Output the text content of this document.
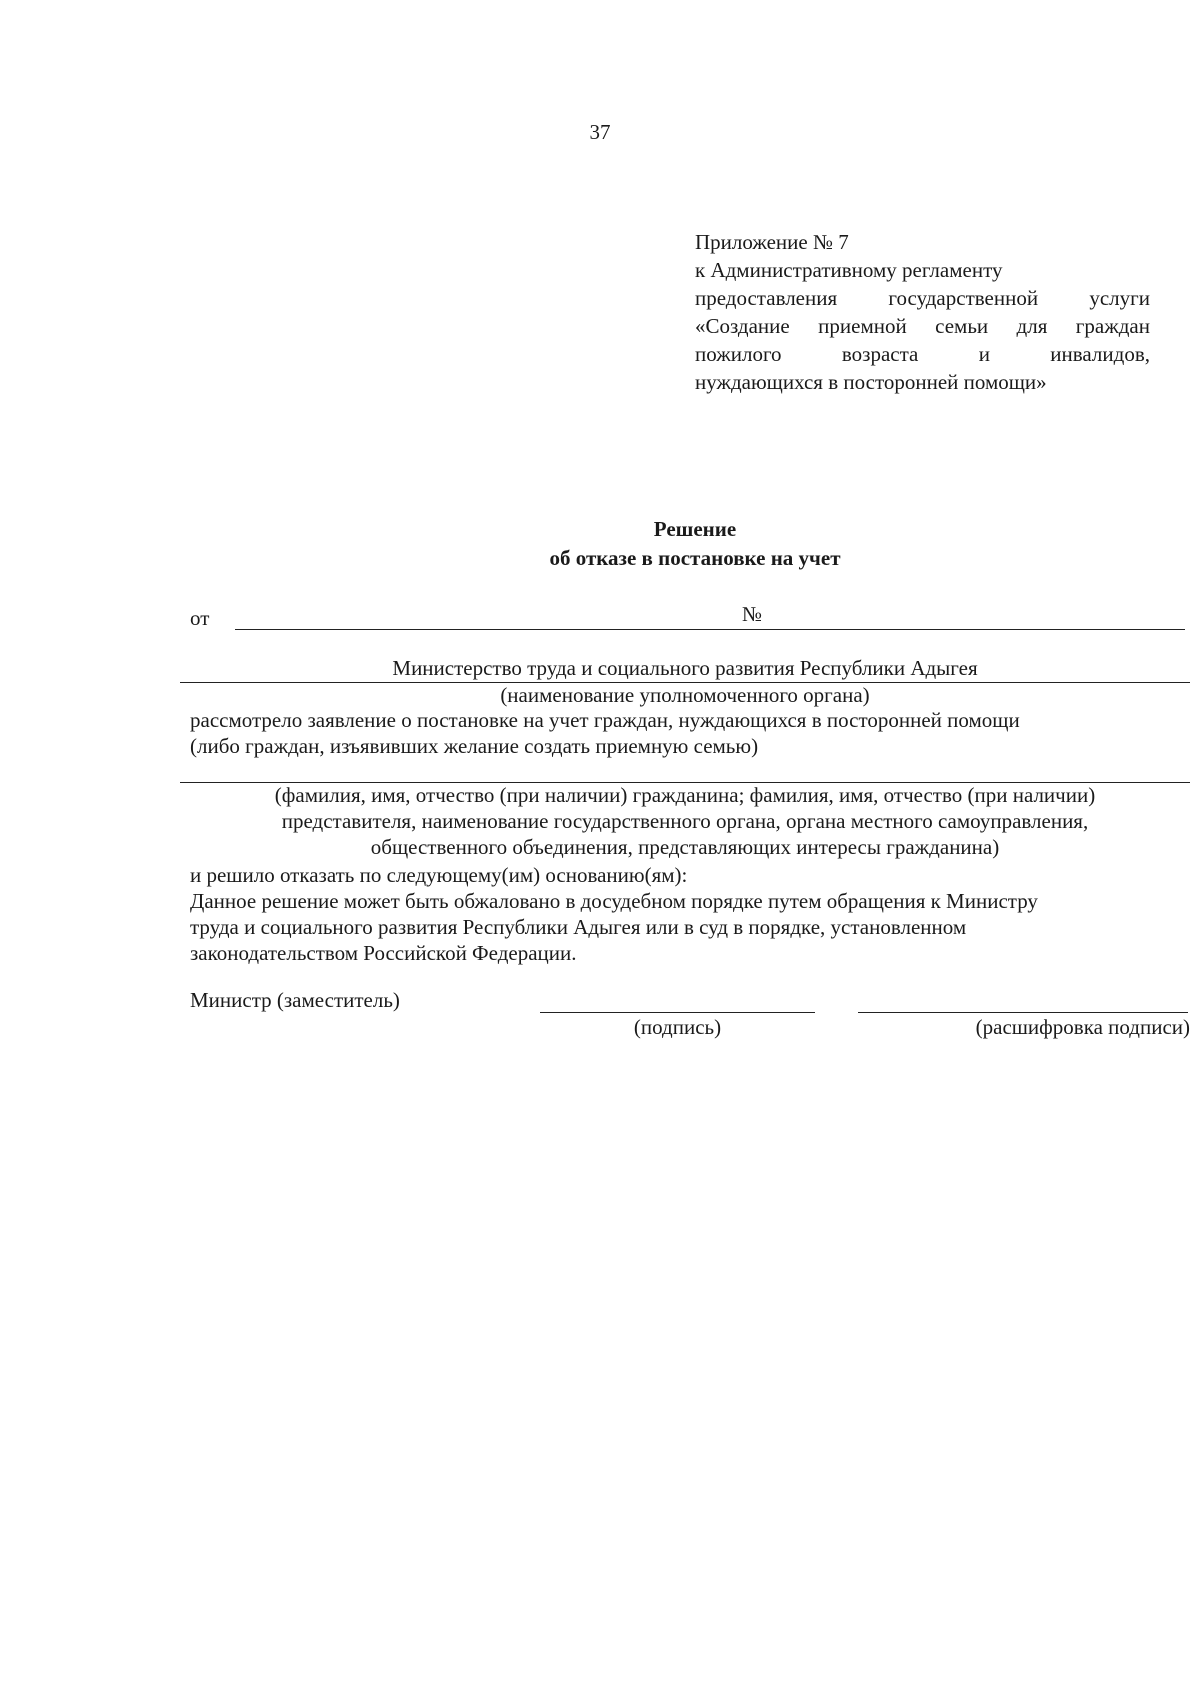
37
Приложение № 7
к Административному регламенту
предоставления государственной услуги
«Создание приемной семьи для граждан
пожилого возраста и инвалидов,
нуждающихся в посторонней помощи»
Решение
об отказе в постановке на учет
от	№
Министерство труда и социального развития Республики Адыгея
(наименование уполномоченного органа)
рассмотрело заявление о постановке на учет граждан, нуждающихся в посторонней помощи
(либо граждан, изъявивших желание создать приемную семью)
(фамилия, имя, отчество (при наличии) гражданина; фамилия, имя, отчество (при наличии)
представителя, наименование государственного органа, органа местного самоуправления,
общественного объединения, представляющих интересы гражданина)
и решило отказать по следующему(им) основанию(ям):
Данное решение может быть обжаловано в досудебном порядке путем обращения к Министру
труда и социального развития Республики Адыгея или в суд в порядке, установленном
законодательством Российской Федерации.
Министр (заместитель)
(подпись)	(расшифровка подписи)
